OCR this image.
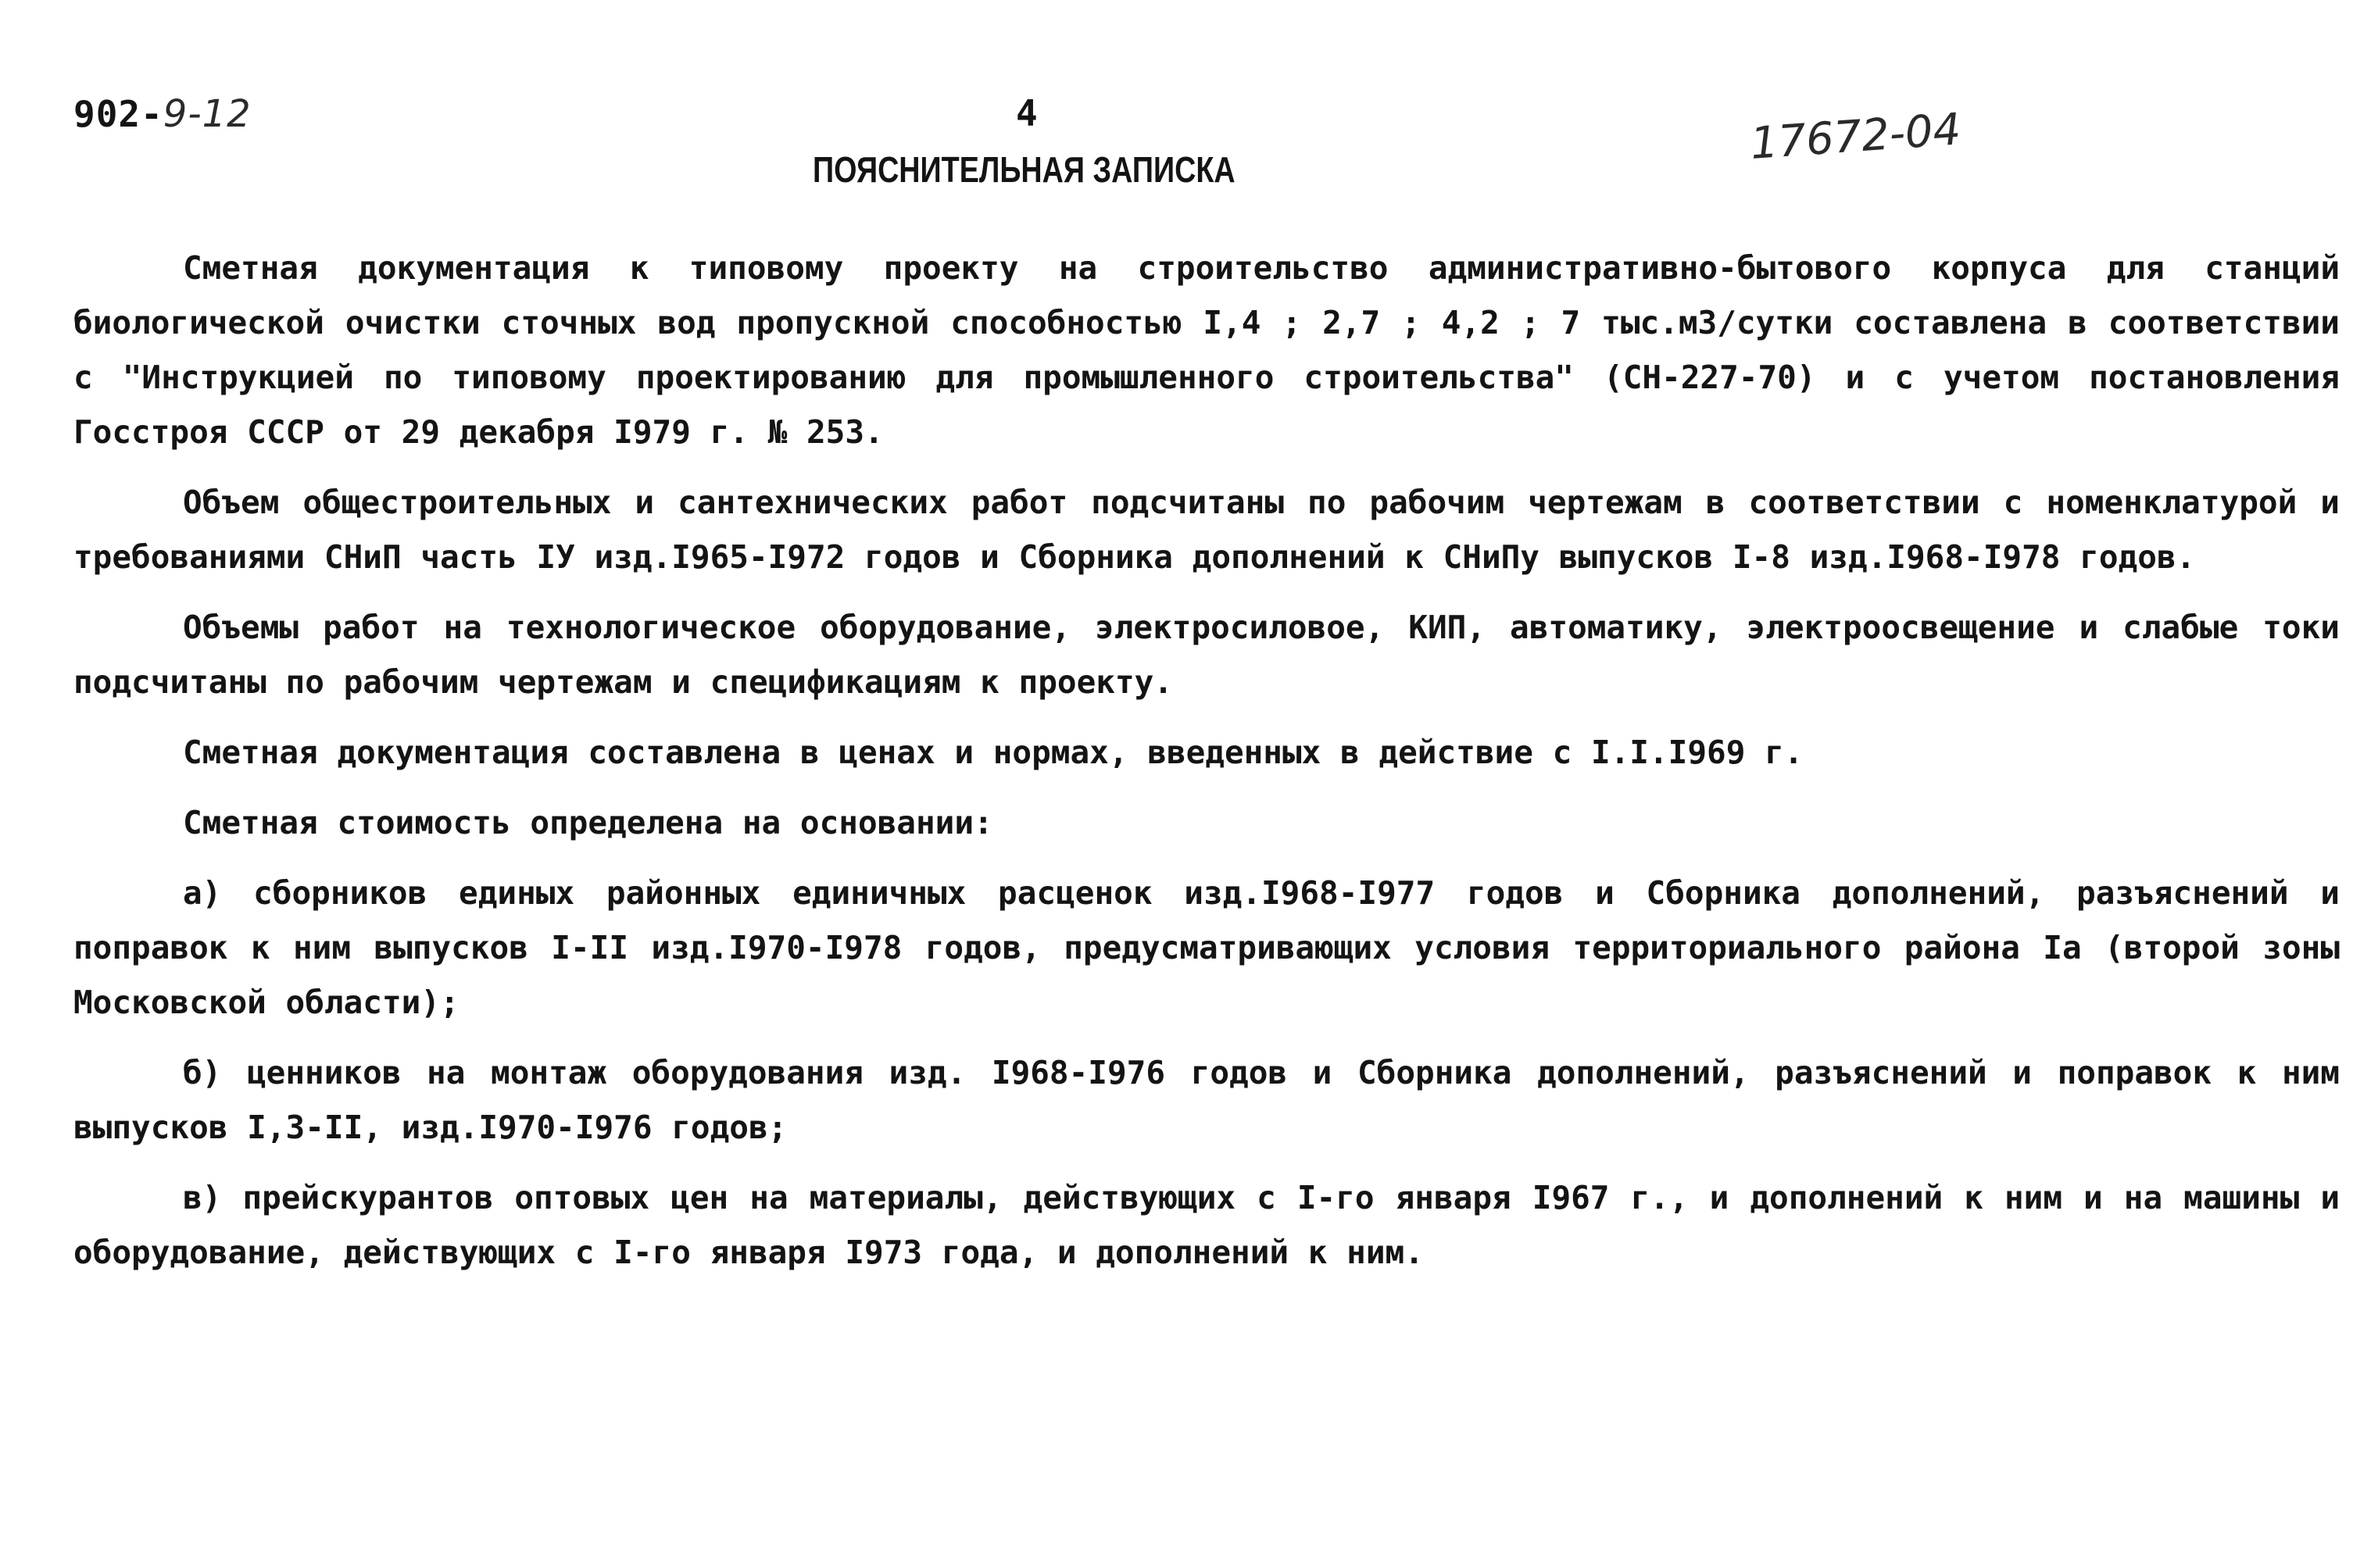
902-9-12	4	17672-04
ПОЯСНИТЕЛЬНАЯ ЗАПИСКА

Сметная документация к типовому проекту на строительство административно-бытового корпуса для станций биологической очистки сточных вод пропускной способностью I,4 ; 2,7 ; 4,2 ; 7 тыс.м3/сутки составлена в соответствии с "Инструкцией по типовому проектированию для промышленного строительства" (СН-227-70) и с учетом постановления Госстроя СССР от 29 декабря I979 г. № 253.

Объем общестроительных и сантехнических работ подсчитаны по рабочим чертежам в соответствии с номенклатурой и требованиями СНиП часть IУ изд.I965-I972 годов и Сборника дополнений к СНиПу выпусков I-8 изд.I968-I978 годов.

Объемы работ на технологическое оборудование, электросиловое, КИП, автоматику, электроосвещение и слабые токи подсчитаны по рабочим чертежам и спецификациям к проекту.

Сметная документация составлена в ценах и нормах, введенных в действие с I.I.I969 г.

Сметная стоимость определена на основании:

а) сборников единых районных единичных расценок изд.I968-I977 годов и Сборника дополнений, разъяснений и поправок к ним выпусков I-II изд.I970-I978 годов, предусматривающих условия территориального района Iа (второй зоны Московской области);

б) ценников на монтаж оборудования изд. I968-I976 годов и Сборника дополнений, разъяснений и поправок к ним выпусков I,3-II, изд.I970-I976 годов;

в) прейскурантов оптовых цен на материалы, действующих с I-го января I967 г., и дополнений к ним и на машины и оборудование, действующих с I-го января I973 года, и дополнений к ним.
